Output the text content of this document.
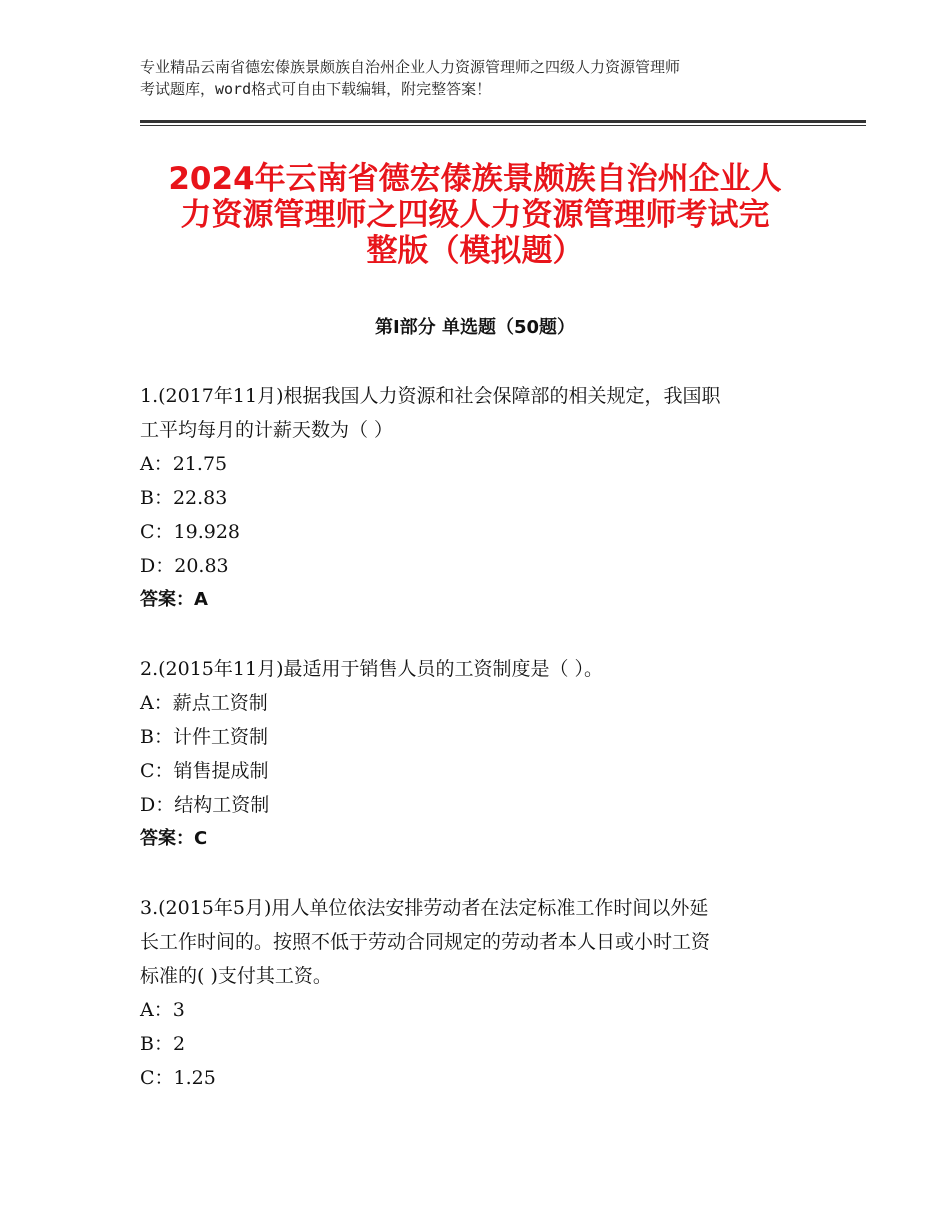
专业精品云南省德宏傣族景颇族自治州企业人力资源管理师之四级人力资源管理师
考试题库，word格式可自由下载编辑，附完整答案！
2024年云南省德宏傣族景颇族自治州企业人
力资源管理师之四级人力资源管理师考试完
整版（模拟题）
第Ⅰ部分 单选题（50题）
1.(2017年11月)根据我国人力资源和社会保障部的相关规定，我国职
工平均每月的计薪天数为（ ）
A：21.75
B：22.83
C：19.928
D：20.83
答案：A
2.(2015年11月)最适用于销售人员的工资制度是（ ）。
A：薪点工资制
B：计件工资制
C：销售提成制
D：结构工资制
答案：C
3.(2015年5月)用人单位依法安排劳动者在法定标准工作时间以外延
长工作时间的。按照不低于劳动合同规定的劳动者本人日或小时工资
标准的( )支付其工资。
A：3
B：2
C：1.25
